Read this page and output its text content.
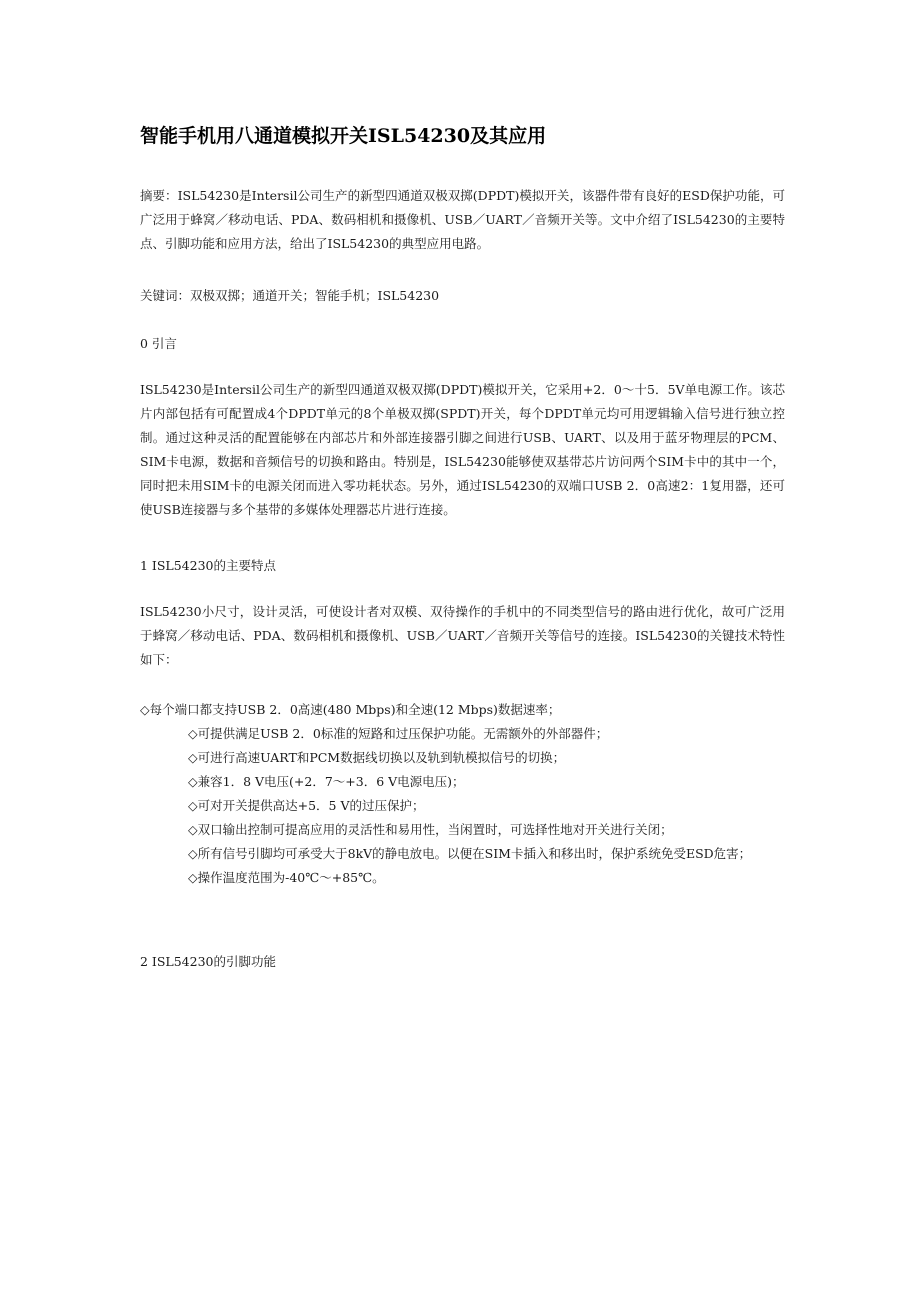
智能手机用八通道模拟开关ISL54230及其应用
摘要：ISL54230是Intersil公司生产的新型四通道双极双掷(DPDT)模拟开关，该器件带有良好的ESD保护功能，可广泛用于蜂窝／移动电话、PDA、数码相机和摄像机、USB／UART／音频开关等。文中介绍了ISL54230的主要特点、引脚功能和应用方法，给出了ISL54230的典型应用电路。
关键词：双极双掷；通道开关；智能手机；ISL54230
0 引言
ISL54230是Intersil公司生产的新型四通道双极双掷(DPDT)模拟开关，它采用+2．0～十5．5V单电源工作。该芯片内部包括有可配置成4个DPDT单元的8个单极双掷(SPDT)开关，每个DPDT单元均可用逻辑输入信号进行独立控制。通过这种灵活的配置能够在内部芯片和外部连接器引脚之间进行USB、UART、以及用于蓝牙物理层的PCM、SIM卡电源，数据和音频信号的切换和路由。特别是，ISL54230能够使双基带芯片访问两个SIM卡中的其中一个，同时把未用SIM卡的电源关闭而进入零功耗状态。另外，通过ISL54230的双端口USB 2．0高速2：1复用器，还可使USB连接器与多个基带的多媒体处理器芯片进行连接。
1 ISL54230的主要特点
ISL54230小尺寸，设计灵活，可使设计者对双模、双待操作的手机中的不同类型信号的路由进行优化，故可广泛用于蜂窝／移动电话、PDA、数码相机和摄像机、USB／UART／音频开关等信号的连接。ISL54230的关键技术特性如下：

◇每个端口都支持USB 2．0高速(480 Mbps)和全速(12 Mbps)数据速率；

◇可提供满足USB 2．0标准的短路和过压保护功能。无需额外的外部器件；

◇可进行高速UART和PCM数据线切换以及轨到轨模拟信号的切换；

◇兼容1．8 V电压(+2．7～+3．6 V电源电压)；

◇可对开关提供高达+5．5 V的过压保护；

◇双口输出控制可提高应用的灵活性和易用性，当闲置时，可选择性地对开关进行关闭；

◇所有信号引脚均可承受大于8kV的静电放电。以便在SIM卡插入和移出时，保护系统免受ESD危害；

◇操作温度范围为-40℃～+85℃。

2 ISL54230的引脚功能
